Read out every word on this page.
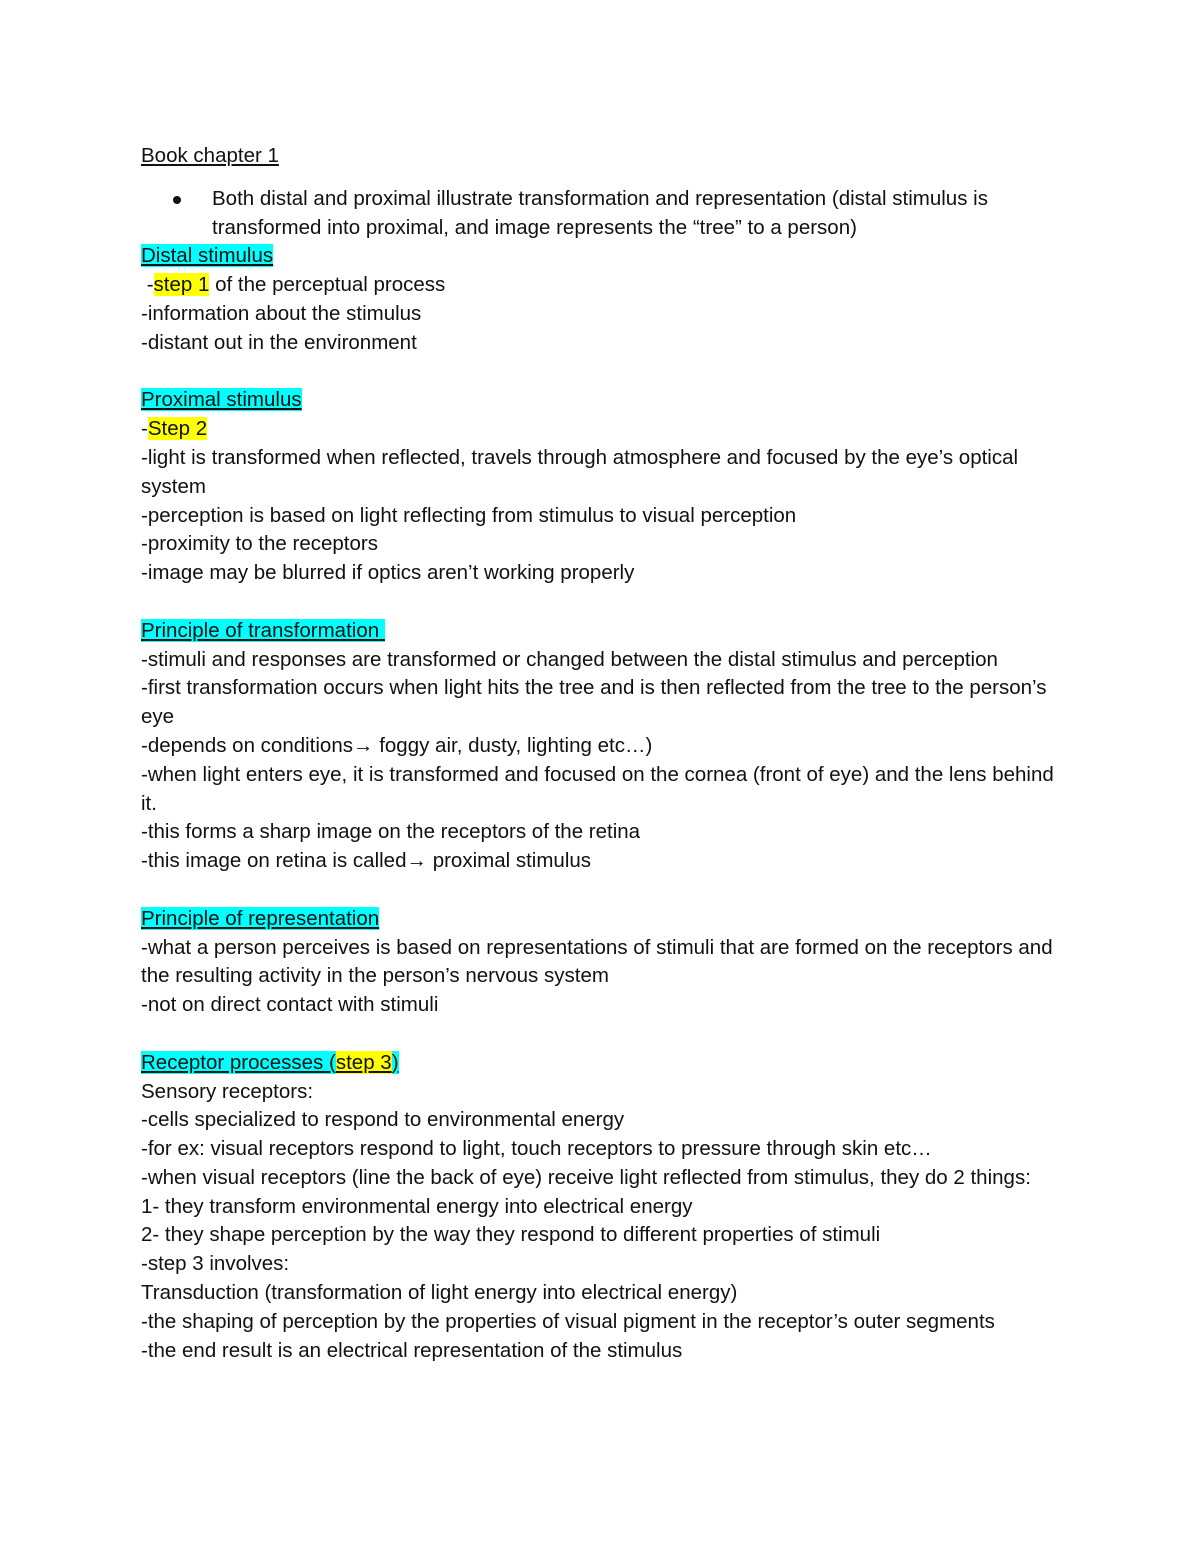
Book chapter 1

Both distal and proximal illustrate transformation and representation (distal stimulus is transformed into proximal, and image represents the “tree” to a person)

Distal stimulus

-step 1 of the perceptual process

-information about the stimulus

-distant out in the environment

Proximal stimulus

-Step 2

-light is transformed when reflected, travels through atmosphere and focused by the eye’s optical system

-perception is based on light reflecting from stimulus to visual perception

-proximity to the receptors

-image may be blurred if optics aren’t working properly

Principle of transformation

-stimuli and responses are transformed or changed between the distal stimulus and perception

-first transformation occurs when light hits the tree and is then reflected from the tree to the person’s eye

-depends on conditions→ foggy air, dusty, lighting etc…)

-when light enters eye, it is transformed and focused on the cornea (front of eye) and the lens behind it.

-this forms a sharp image on the receptors of the retina

-this image on retina is called→ proximal stimulus

Principle of representation

-what a person perceives is based on representations of stimuli that are formed on the receptors and the resulting activity in the person’s nervous system

-not on direct contact with stimuli

Receptor processes (step 3)

Sensory receptors:

-cells specialized to respond to environmental energy

-for ex: visual receptors respond to light, touch receptors to pressure through skin etc…

-when visual receptors (line the back of eye) receive light reflected from stimulus, they do 2 things:

1- they transform environmental energy into electrical energy

2- they shape perception by the way they respond to different properties of stimuli

-step 3 involves:

Transduction (transformation of light energy into electrical energy)

-the shaping of perception by the properties of visual pigment in the receptor’s outer segments

-the end result is an electrical representation of the stimulus
